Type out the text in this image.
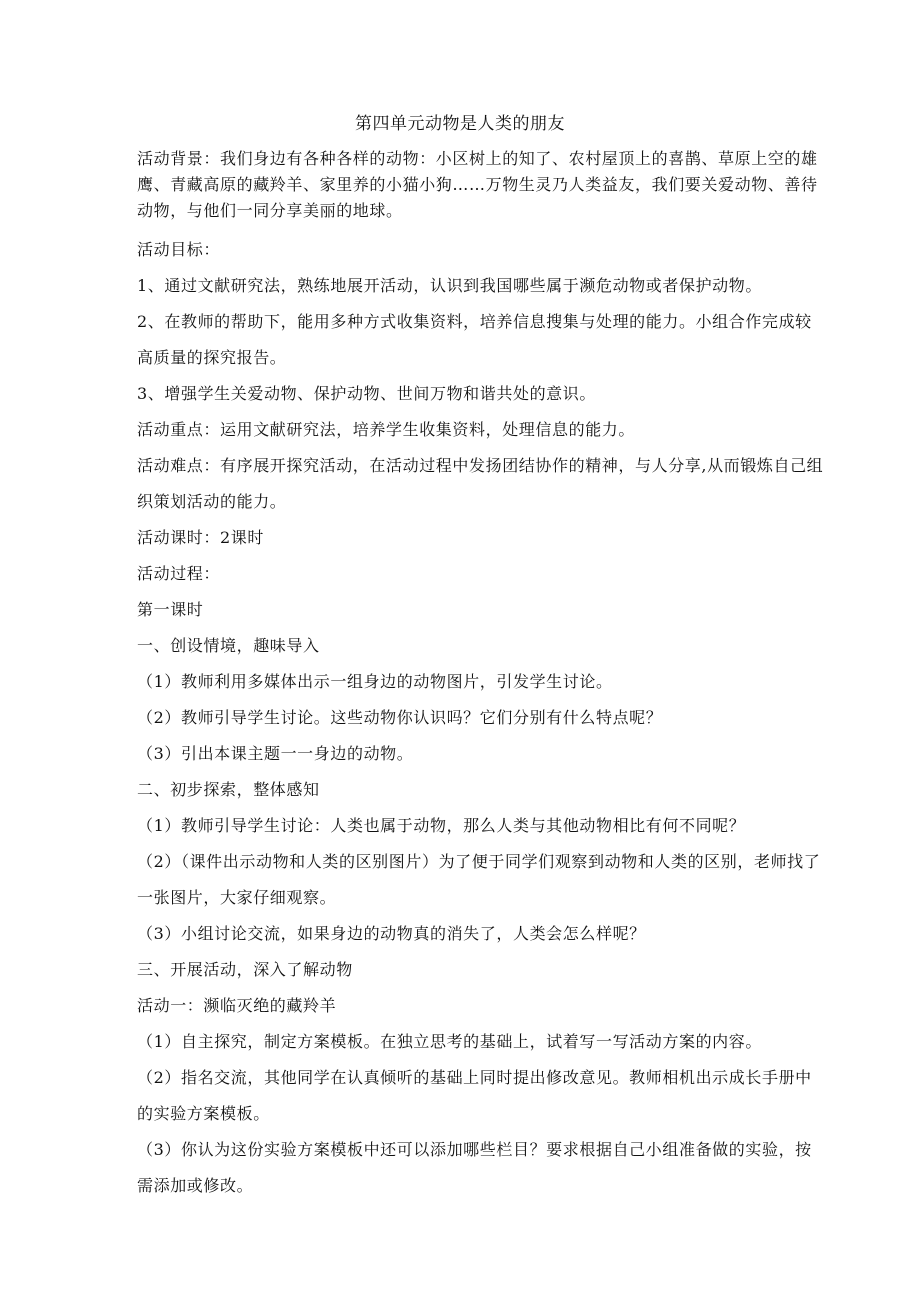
第四单元动物是人类的朋友

活动背景：我们身边有各种各样的动物：小区树上的知了、农村屋顶上的喜鹊、草原上空的雄鹰、青藏高原的藏羚羊、家里养的小猫小狗……万物生灵乃人类益友，我们要关爱动物、善待动物，与他们一同分享美丽的地球。

活动目标：

1、通过文献研究法，熟练地展开活动，认识到我国哪些属于濒危动物或者保护动物。

2、在教师的帮助下，能用多种方式收集资料，培养信息搜集与处理的能力。小组合作完成较高质量的探究报告。

3、增强学生关爱动物、保护动物、世间万物和谐共处的意识。

活动重点：运用文献研究法，培养学生收集资料，处理信息的能力。

活动难点：有序展开探究活动，在活动过程中发扬团结协作的精神，与人分享,从而锻炼自己组织策划活动的能力。

活动课时：2课时

活动过程：

第一课时

一、创设情境，趣味导入

（1）教师利用多媒体出示一组身边的动物图片，引发学生讨论。

（2）教师引导学生讨论。这些动物你认识吗？它们分别有什么特点呢？

（3）引出本课主题一一身边的动物。

二、初步探索，整体感知

（1）教师引导学生讨论：人类也属于动物，那么人类与其他动物相比有何不同呢？

（2）（课件出示动物和人类的区别图片）为了便于同学们观察到动物和人类的区别，老师找了一张图片，大家仔细观察。

（3）小组讨论交流，如果身边的动物真的消失了，人类会怎么样呢？

三、开展活动，深入了解动物

活动一：濒临灭绝的藏羚羊

（1）自主探究，制定方案模板。在独立思考的基础上，试着写一写活动方案的内容。

（2）指名交流，其他同学在认真倾听的基础上同时提出修改意见。教师相机出示成长手册中的实验方案模板。

（3）你认为这份实验方案模板中还可以添加哪些栏目？要求根据自己小组准备做的实验，按需添加或修改。
